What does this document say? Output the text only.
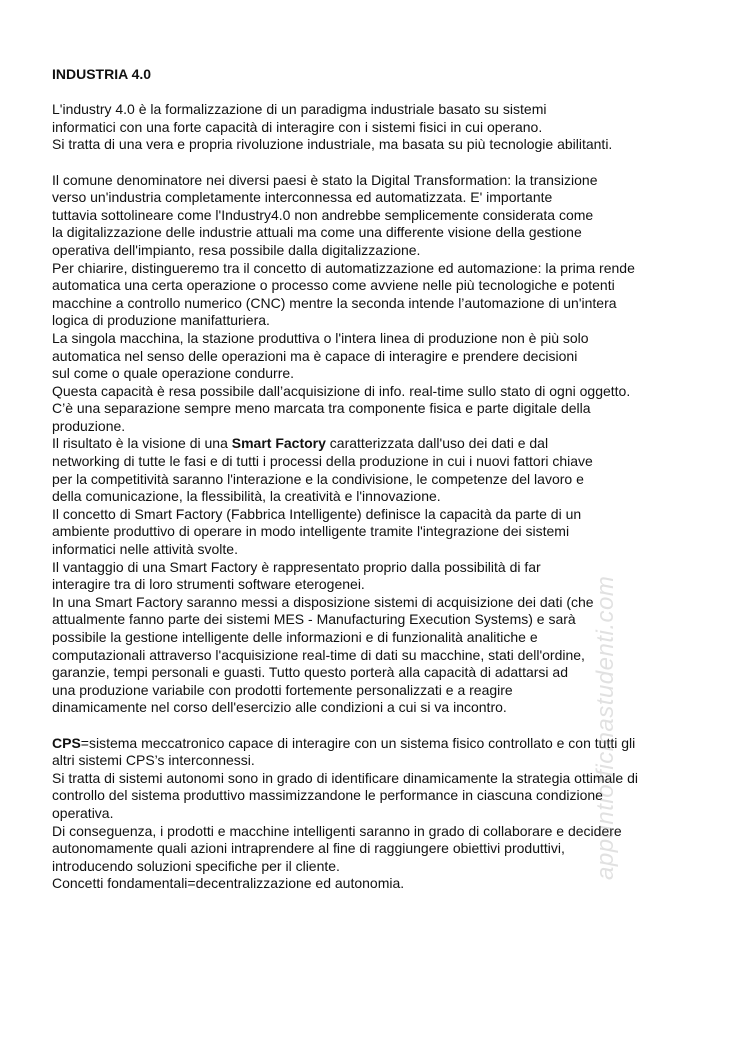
INDUSTRIA 4.0
L'industry 4.0 è la formalizzazione di un paradigma industriale basato su sistemi
informatici con una forte capacità di interagire con i sistemi fisici in cui operano.
Si tratta di una vera e propria rivoluzione industriale, ma basata su più tecnologie abilitanti.
Il comune denominatore nei diversi paesi è stato la Digital Transformation: la transizione
verso un'industria completamente interconnessa ed automatizzata. E' importante
tuttavia sottolineare come l'Industry4.0 non andrebbe semplicemente considerata come
la digitalizzazione delle industrie attuali ma come una differente visione della gestione
operativa dell'impianto, resa possibile dalla digitalizzazione.
Per chiarire, distingueremo tra il concetto di automatizzazione ed automazione: la prima rende
automatica una certa operazione o processo come avviene nelle più tecnologiche e potenti
macchine a controllo numerico (CNC) mentre la seconda intende l’automazione di un'intera
logica di produzione manifatturiera.
La singola macchina, la stazione produttiva o l'intera linea di produzione non è più solo
automatica nel senso delle operazioni ma è capace di interagire e prendere decisioni
sul come o quale operazione condurre.
Questa capacità è resa possibile dall’acquisizione di info. real-time sullo stato di ogni oggetto.
C’è una separazione sempre meno marcata tra componente fisica e parte digitale della
produzione.
Il risultato è la visione di una Smart Factory caratterizzata dall'uso dei dati e dal
networking di tutte le fasi e di tutti i processi della produzione in cui i nuovi fattori chiave
per la competitività saranno l'interazione e la condivisione, le competenze del lavoro e
della comunicazione, la flessibilità, la creatività e l'innovazione.
Il concetto di Smart Factory (Fabbrica Intelligente) definisce la capacità da parte di un
ambiente produttivo di operare in modo intelligente tramite l'integrazione dei sistemi
informatici nelle attività svolte.
Il vantaggio di una Smart Factory è rappresentato proprio dalla possibilità di far
interagire tra di loro strumenti software eterogenei.
In una Smart Factory saranno messi a disposizione sistemi di acquisizione dei dati (che
attualmente fanno parte dei sistemi MES - Manufacturing Execution Systems) e sarà
possibile la gestione intelligente delle informazioni e di funzionalità analitiche e
computazionali attraverso l'acquisizione real-time di dati su macchine, stati dell'ordine,
garanzie, tempi personali e guasti. Tutto questo porterà alla capacità di adattarsi ad
una produzione variabile con prodotti fortemente personalizzati e a reagire
dinamicamente nel corso dell'esercizio alle condizioni a cui si va incontro.
CPS=sistema meccatronico capace di interagire con un sistema fisico controllato e con tutti gli
altri sistemi CPS’s interconnessi.
Si tratta di sistemi autonomi sono in grado di identificare dinamicamente la strategia ottimale di
controllo del sistema produttivo massimizzandone le performance in ciascuna condizione
operativa.
Di conseguenza, i prodotti e macchine intelligenti saranno in grado di collaborare e decidere
autonomamente quali azioni intraprendere al fine di raggiungere obiettivi produttivi,
introducendo soluzioni specifiche per il cliente.
Concetti fondamentali=decentralizzazione ed autonomia.
appuntiofficinastudenti.com
